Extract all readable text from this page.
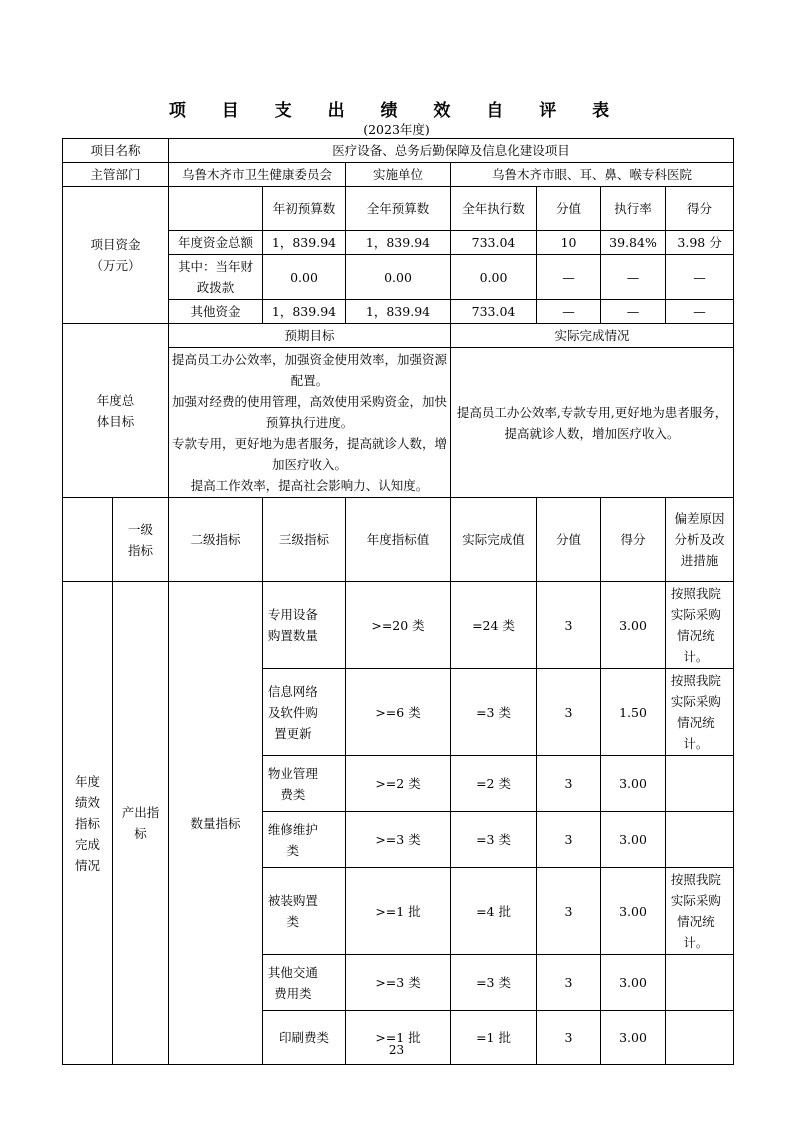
项 目 支 出 绩 效 自 评 表
(2023年度)
项目名称		医疗设备、总务后勤保障及信息化建设项目						
主管部门		乌鲁木齐市卫生健康委员会		实施单位	乌鲁木齐市眼、耳、鼻、喉专科医院			

项目资金
（万元）			年初预算数	全年预算数	全年执行数	分值	执行率	得分
		年度资金总额	1，839.94	1，839.94	733.04	10	39.84%	3.98 分
		其中：当年财政拨款	0.00	0.00	0.00	—	—	—
		其他资金	1，839.94	1，839.94	733.04	—	—	—

年度总体目标		预期目标			实际完成情况			

		提高员工办公效率，加强资金使用效率，加强资源配置。
加强对经费的使用管理，高效使用采购资金，加快预算执行进度。
专款专用，更好地为患者服务，提高就诊人数，增加医疗收入。
提高工作效率，提高社会影响力、认知度。			提高员工办公效率,专款专用,更好地为患者服务，提高就诊人数，增加医疗收入。			

	一级指标	二级指标	三级指标	年度指标值	实际完成值	分值	得分	偏差原因分析及改进措施

年度绩效指标完成情况	产出指标	数量指标	专用设备购置数量	>=20 类	=24 类	3	3.00	按照我院实际采购情况统计。

			信息网络及软件购置更新	>=6 类	=3 类	3	1.50	按照我院实际采购情况统计。

			物业管理费类	>=2 类	=2 类	3	3.00	

			维修维护类	>=3 类	=3 类	3	3.00	

			被装购置类	>=1 批	=4 批	3	3.00	按照我院实际采购情况统计。

			其他交通费用类	>=3 类	=3 类	3	3.00	
			印刷费类	>=1 批	=1 批	3	3.00	
23
